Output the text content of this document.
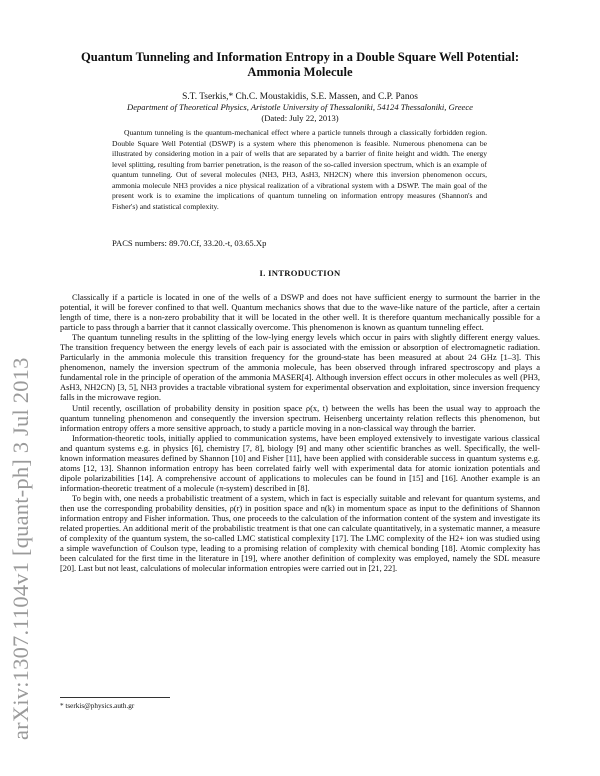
arXiv:1307.1104v1 [quant-ph] 3 Jul 2013
Quantum Tunneling and Information Entropy in a Double Square Well Potential: Ammonia Molecule
S.T. Tserkis,* Ch.C. Moustakidis, S.E. Massen, and C.P. Panos
Department of Theoretical Physics, Aristotle University of Thessaloniki, 54124 Thessaloniki, Greece
(Dated: July 22, 2013)

Quantum tunneling is the quantum-mechanical effect where a particle tunnels through a classically forbidden region. Double Square Well Potential (DSWP) is a system where this phenomenon is feasible. Numerous phenomena can be illustrated by considering motion in a pair of wells that are separated by a barrier of finite height and width. The energy level splitting, resulting from barrier penetration, is the reason of the so-called inversion spectrum, which is an example of quantum tunneling. Out of several molecules (NH3, PH3, AsH3, NH2CN) where this inversion phenomenon occurs, ammonia molecule NH3 provides a nice physical realization of a vibrational system with a DSWP. The main goal of the present work is to examine the implications of quantum tunneling on information entropy measures (Shannon's and Fisher's) and statistical complexity.

PACS numbers: 89.70.Cf, 33.20.-t, 03.65.Xp
I. INTRODUCTION

Classically if a particle is located in one of the wells of a DSWP and does not have sufficient energy to surmount the barrier in the potential, it will be forever confined to that well. Quantum mechanics shows that due to the wave-like nature of the particle, after a certain length of time, there is a non-zero probability that it will be located in the other well. It is therefore quantum mechanically possible for a particle to pass through a barrier that it cannot classically overcome. This phenomenon is known as quantum tunneling effect.

The quantum tunneling results in the splitting of the low-lying energy levels which occur in pairs with slightly different energy values. The transition frequency between the energy levels of each pair is associated with the emission or absorption of electromagnetic radiation. Particularly in the ammonia molecule this transition frequency for the ground-state has been measured at about 24 GHz [1–3]. This phenomenon, namely the inversion spectrum of the ammonia molecule, has been observed through infrared spectroscopy and plays a fundamental role in the principle of operation of the ammonia MASER[4]. Although inversion effect occurs in other molecules as well (PH3, AsH3, NH2CN) [3, 5], NH3 provides a tractable vibrational system for experimental observation and exploitation, since inversion frequency falls in the microwave region.

Until recently, oscillation of probability density in position space ρ(x, t) between the wells has been the usual way to approach the quantum tunneling phenomenon and consequently the inversion spectrum. Heisenberg uncertainty relation reflects this phenomenon, but information entropy offers a more sensitive approach, to study a particle moving in a non-classical way through the barrier.

Information-theoretic tools, initially applied to communication systems, have been employed extensively to investigate various classical and quantum systems e.g. in physics [6], chemistry [7, 8], biology [9] and many other scientific branches as well. Specifically, the well-known information measures defined by Shannon [10] and Fisher [11], have been applied with considerable success in quantum systems e.g. atoms [12, 13]. Shannon information entropy has been correlated fairly well with experimental data for atomic ionization potentials and dipole polarizabilities [14]. A comprehensive account of applications to molecules can be found in [15] and [16]. Another example is an information-theoretic treatment of a molecule (π-system) described in [8].

To begin with, one needs a probabilistic treatment of a system, which in fact is especially suitable and relevant for quantum systems, and then use the corresponding probability densities, ρ(r) in position space and n(k) in momentum space as input to the definitions of Shannon information entropy and Fisher information. Thus, one proceeds to the calculation of the information content of the system and investigate its related properties. An additional merit of the probabilistic treatment is that one can calculate quantitatively, in a systematic manner, a measure of complexity of the quantum system, the so-called LMC statistical complexity [17]. The LMC complexity of the H2+ ion was studied using a simple wavefunction of Coulson type, leading to a promising relation of complexity with chemical bonding [18]. Atomic complexity has been calculated for the first time in the literature in [19], where another definition of complexity was employed, namely the SDL measure [20]. Last but not least, calculations of molecular information entropies were carried out in [21, 22].

* tserkis@physics.auth.gr
